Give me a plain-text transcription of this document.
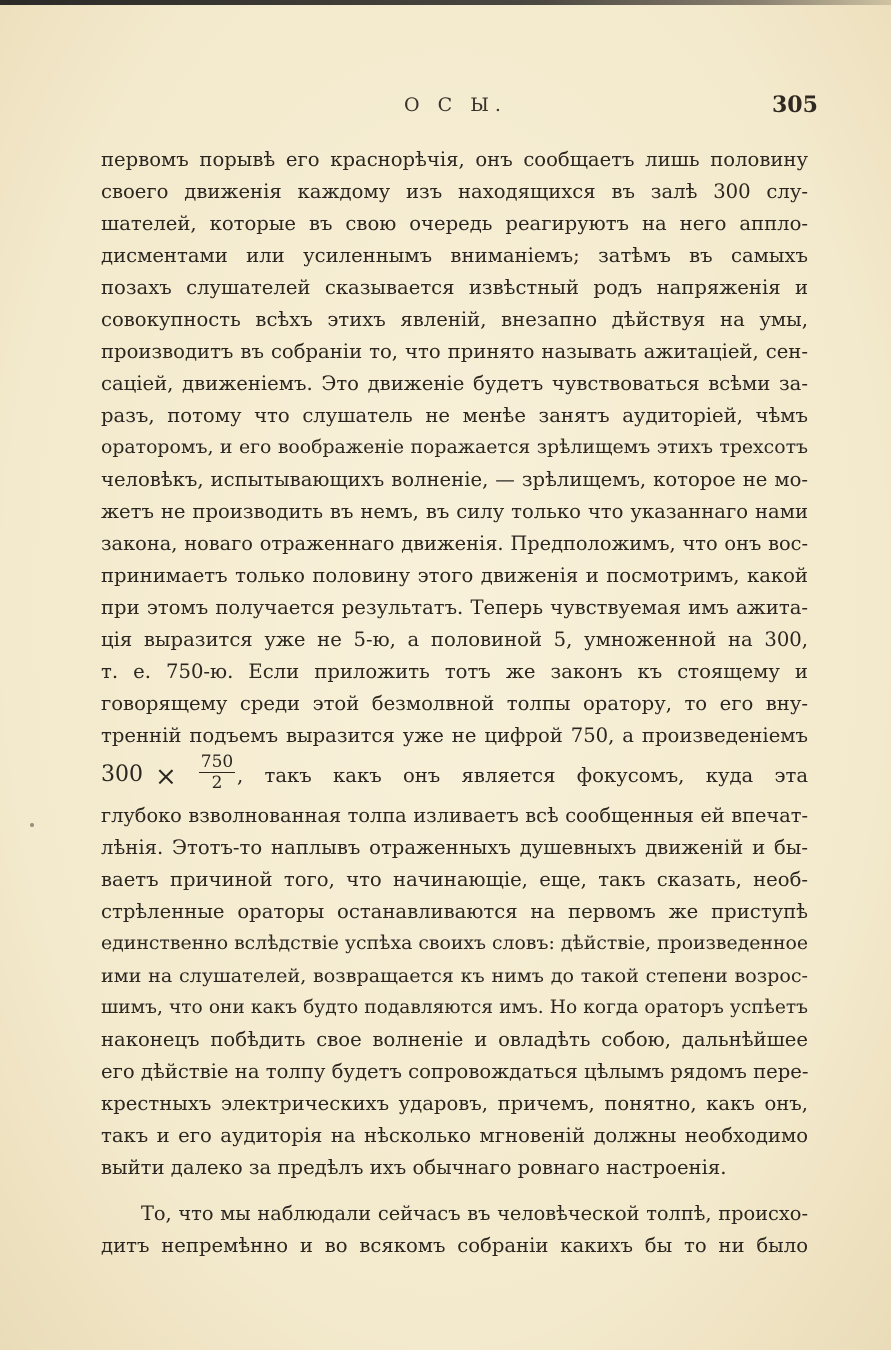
О С Ы.	305
первомъ порывѣ его краснорѣчія, онъ сообщаетъ лишь половину
своего движенія каждому изъ находящихся въ залѣ 300 слу-
шателей, которые въ свою очередь реагируютъ на него аппло-
дисментами или усиленнымъ вниманіемъ; затѣмъ въ самыхъ
позахъ слушателей сказывается извѣстный родъ напряженія и
совокупность всѣхъ этихъ явленій, внезапно дѣйствуя на умы,
производитъ въ собраніи то, что принято называть ажитаціей, сен-
саціей, движеніемъ. Это движеніе будетъ чувствоваться всѣми за-
разъ, потому что слушатель не менѣе занятъ аудиторіей, чѣмъ
ораторомъ, и его воображеніе поражается зрѣлищемъ этихъ трехсотъ
человѣкъ, испытывающихъ волненіе, — зрѣлищемъ, которое не мо-
жетъ не производить въ немъ, въ силу только что указаннаго нами
закона, новаго отраженнаго движенія. Предположимъ, что онъ вос-
принимаетъ только половину этого движенія и посмотримъ, какой
при этомъ получается результатъ. Теперь чувствуемая имъ ажита-
ція выразится уже не 5-ю, а половиной 5, умноженной на 300,
т. е. 750-ю. Если приложить тотъ же законъ къ стоящему и
говорящему среди этой безмолвной толпы оратору, то его вну-
тренній подъемъ выразится уже не цифрой 750, а произведеніемъ
$300 \times \frac{750}{2}$ , такъ какъ онъ является фокусомъ, куда эта
глубоко взволнованная толпа изливаетъ всѣ сообщенныя ей впечат-
лѣнія. Этотъ-то наплывъ отраженныхъ душевныхъ движеній и бы-
ваетъ причиной того, что начинающіе, еще, такъ сказать, необ-
стрѣленные ораторы останавливаются на первомъ же приступѣ
единственно вслѣдствіе успѣха своихъ словъ: дѣйствіе, произведенное
ими на слушателей, возвращается къ нимъ до такой степени возрос-
шимъ, что они какъ будто подавляются имъ. Но когда ораторъ успѣетъ
наконецъ побѣдить свое волненіе и овладѣть собою, дальнѣйшее
его дѣйствіе на толпу будетъ сопровождаться цѣлымъ рядомъ пере-
крестныхъ электрическихъ ударовъ, причемъ, понятно, какъ онъ,
такъ и его аудиторія на нѣсколько мгновеній должны необходимо
выйти далеко за предѣлъ ихъ обычнаго ровнаго настроенія.
То, что мы наблюдали сейчасъ въ человѣческой толпѣ, происхо-
дитъ непремѣнно и во всякомъ собраніи какихъ бы то ни было
